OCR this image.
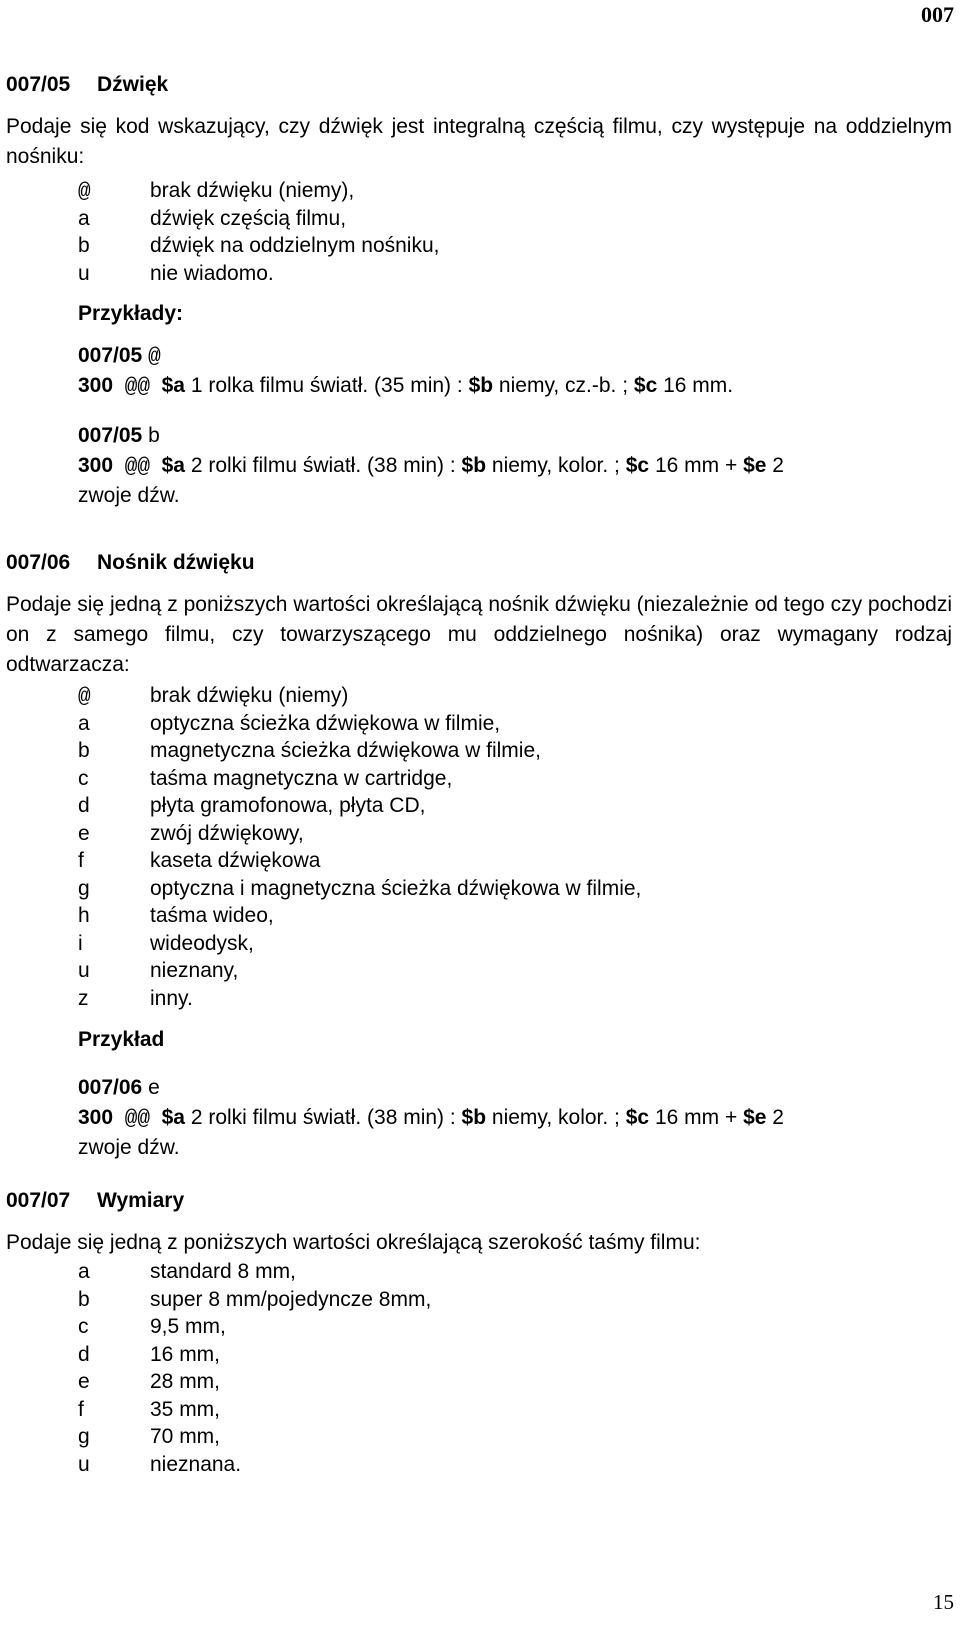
007
007/05 Dźwięk

Podaje się kod wskazujący, czy dźwięk jest integralną częścią filmu, czy występuje na oddzielnym nośniku:

@	brak dźwięku (niemy),
a	dźwięk częścią filmu,
b	dźwięk na oddzielnym nośniku,
u	nie wiadomo.
Przykłady:
007/05 @
300 @@ $a 1 rolka filmu światł. (35 min) : $b niemy, cz.-b. ; $c 16 mm.
007/05 b
300 @@ $a 2 rolki filmu światł. (38 min) : $b niemy, kolor. ; $c 16 mm + $e 2
zwoje dźw.
007/06 Nośnik dźwięku

Podaje się jedną z poniższych wartości określającą nośnik dźwięku (niezależnie od tego czy pochodzi on z samego filmu, czy towarzyszącego mu oddzielnego nośnika) oraz wymagany rodzaj odtwarzacza:

@	brak dźwięku (niemy)
a	optyczna ścieżka dźwiękowa w filmie,
b	magnetyczna ścieżka dźwiękowa w filmie,
c	taśma magnetyczna w cartridge,
d	płyta gramofonowa, płyta CD,
e	zwój dźwiękowy,
f	kaseta dźwiękowa
g	optyczna i magnetyczna ścieżka dźwiękowa w filmie,
h	taśma wideo,
i	wideodysk,
u	nieznany,
z	inny.
Przykład
007/06 e
300 @@ $a 2 rolki filmu światł. (38 min) : $b niemy, kolor. ; $c 16 mm + $e 2
zwoje dźw.
007/07 Wymiary

Podaje się jedną z poniższych wartości określającą szerokość taśmy filmu:

a	standard 8 mm,
b	super 8 mm/pojedyncze 8mm,
c	9,5 mm,
d	16 mm,
e	28 mm,
f	35 mm,
g	70 mm,
u	nieznana.
15
